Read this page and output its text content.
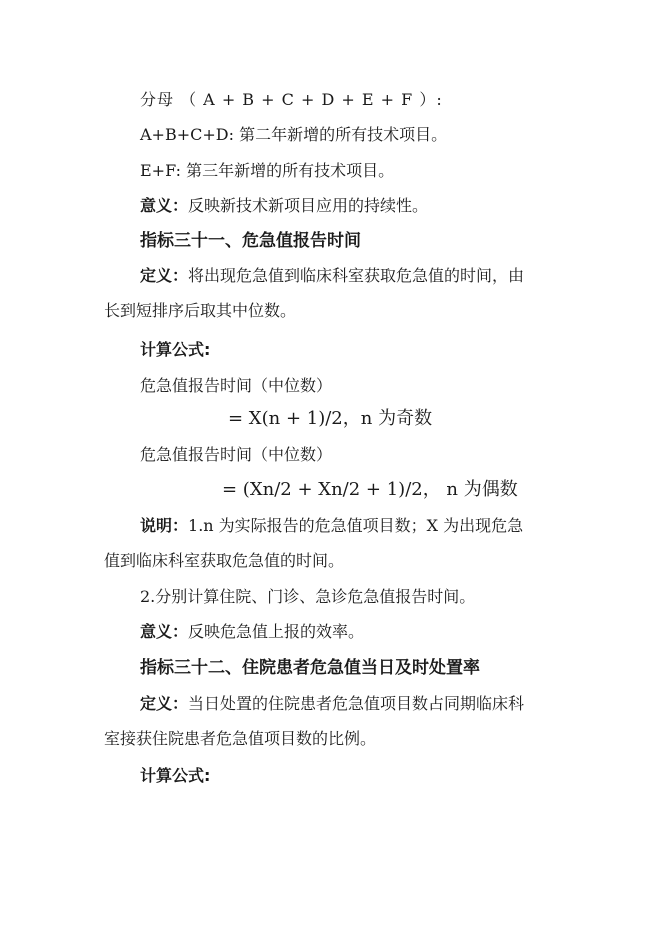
分母 （ A + B + C + D + E + F ）:
A+B+C+D: 第二年新增的所有技术项目。
E+F: 第三年新增的所有技术项目。
意义：反映新技术新项目应用的持续性。
指标三十一、危急值报告时间
定义：将出现危急值到临床科室获取危急值的时间，由
长到短排序后取其中位数。
计算公式:
危急值报告时间（中位数）
= X(n + 1)/2，n 为奇数
危急值报告时间（中位数）
= (Xn/2 + Xn/2 + 1)/2， n 为偶数
说明：1.n 为实际报告的危急值项目数；X 为出现危急
值到临床科室获取危急值的时间。
2.分别计算住院、门诊、急诊危急值报告时间。
意义：反映危急值上报的效率。
指标三十二、住院患者危急值当日及时处置率
定义：当日处置的住院患者危急值项目数占同期临床科
室接获住院患者危急值项目数的比例。
计算公式:
